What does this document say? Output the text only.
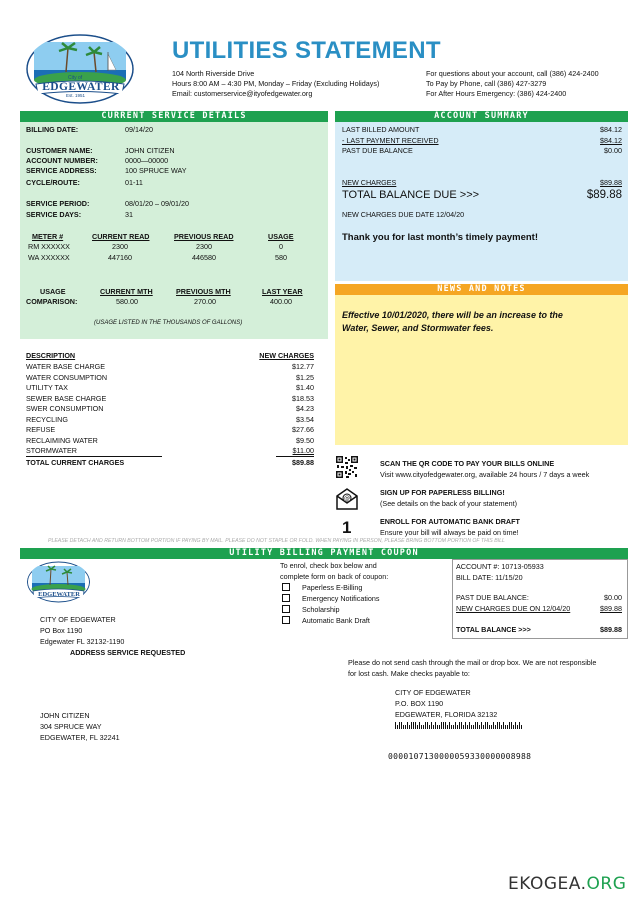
City of
EDGEWATER
Est. 1951
UTILITIES STATEMENT
104 North Riverside Drive
Hours 8:00 AM – 4:30 PM, Monday – Friday (Excluding Holidays)
Email: customerservice@ityofedgewater.org
For questions about your account, call (386) 424-2400
To Pay by Phone, call (386) 427-3279
For After Hours Emergency: (386) 424-2400
CURRENT SERVICE DETAILS
BILLING DATE:	09/14/20
CUSTOMER NAME:	JOHN CITIZEN
ACCOUNT NUMBER:	0000—00000
SERVICE ADDRESS:	100 SPRUCE WAY
CYCLE/ROUTE:	01-11
SERVICE PERIOD:	08/01/20 – 09/01/20
SERVICE DAYS:	31
METER #	CURRENT READ	PREVIOUS READ	USAGE
RM XXXXXX	2300	2300	0
WA XXXXXX	447160	446580	580
USAGE
COMPARISON:
CURRENT MTH	PREVIOUS MTH	LAST YEAR
580.00	270.00	400.00
(USAGE LISTED IN THE THOUSANDS OF GALLONS)
ACCOUNT SUMMARY
LAST BILLED AMOUNT	$84.12
- LAST PAYMENT RECEIVED	$84.12
PAST DUE BALANCE	$0.00
NEW CHARGES	$89.88
TOTAL BALANCE DUE >>>	$89.88
NEW CHARGES DUE DATE 12/04/20
Thank you for last month’s timely payment!
NEWS AND NOTES
Effective 10/01/2020, there will be an increase to the Water, Sewer, and Stormwater fees.
DESCRIPTION	NEW CHARGES
WATER BASE CHARGE	$12.77
WATER CONSUMPTION	$1.25
UTILITY TAX	$1.40
SEWER BASE CHARGE	$18.53
SWER CONSUMPTION	$4.23
RECYCLING	$3.54
REFUSE	$27.66
RECLAIMING WATER	$9.50
STORMWATER	$11.00
TOTAL CURRENT CHARGES	$89.88	SCAN THE QR CODE TO PAY YOUR BILLS ONLINE
Visit www.cityofedgewater.org, available 24 hours / 7 days a week
@
SIGN UP FOR PAPERLESS BILLING!
(See details on the back of your statement)
1	ENROLL FOR AUTOMATIC BANK DRAFT
Ensure your bill will always be paid on time!
PLEASE DETACH AND RETURN BOTTOM PORTION IF PAYING BY MAIL. PLEASE DO NOT STAPLE OR FOLD. WHEN PAYING IN PERSON, PLEASE BRING BOTTOM PORTION OF THIS BILL
UTILITY BILLING PAYMENT COUPON
EDGEWATER
To enrol, check box below and
complete form on back of coupon:
Paperless E-Billing
Emergency Notifications
Scholarship
Automatic Bank Draft
ACCOUNT #: 10713-05933
BILL DATE: 11/15/20
PAST DUE BALANCE:	$0.00
NEW CHARGES DUE ON 12/04/20	$89.88
TOTAL BALANCE >>>	$89.88
CITY OF EDGEWATER
PO Box 1190
Edgewater FL 32132-1190
ADDRESS SERVICE REQUESTED
Please do not send cash through the mail or drop box. We are not responsible for lost cash. Make checks payable to:
CITY OF EDGEWATER
P.O. BOX 1190
EDGEWATER, FLORIDA 32132
JOHN CITIZEN
304 SPRUCE WAY
EDGEWATER, FL 32241
0000107130000059330000008988
EKOGEA.ORG
